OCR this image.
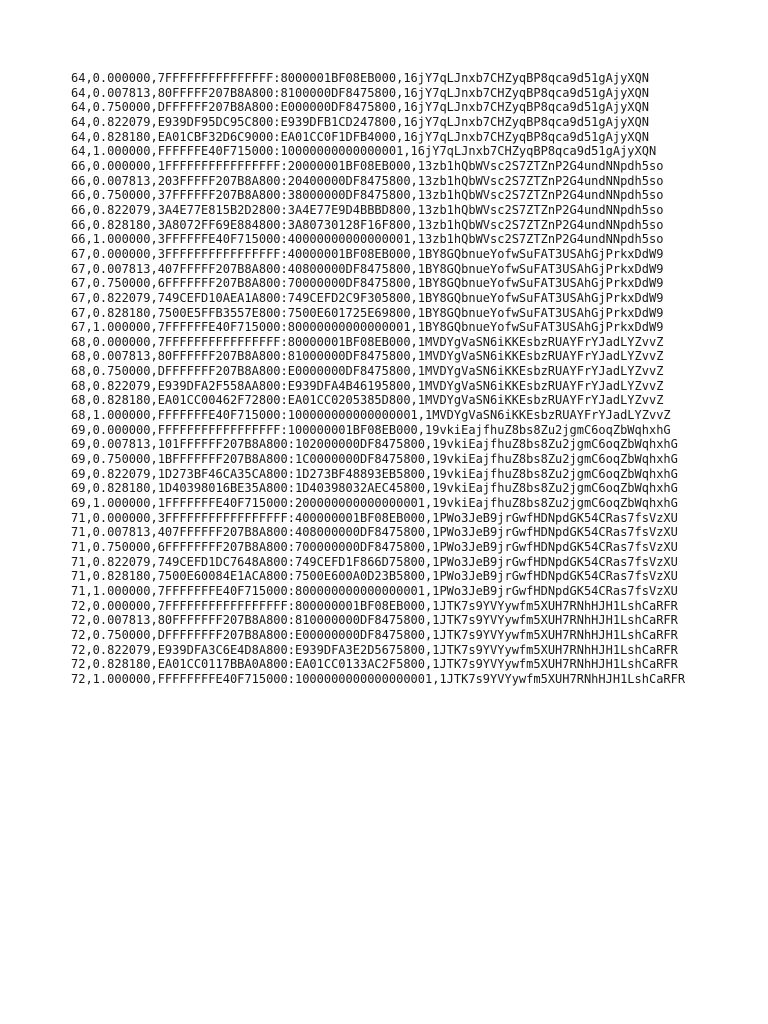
64,0.000000,7FFFFFFFFFFFFFFF:8000001BF08EB000,16jY7qLJnxb7CHZyqBP8qca9d51gAjyXQN
64,0.007813,80FFFFF207B8A800:8100000DF8475800,16jY7qLJnxb7CHZyqBP8qca9d51gAjyXQN
64,0.750000,DFFFFFF207B8A800:E000000DF8475800,16jY7qLJnxb7CHZyqBP8qca9d51gAjyXQN
64,0.822079,E939DF95DC95C800:E939DFB1CD247800,16jY7qLJnxb7CHZyqBP8qca9d51gAjyXQN
64,0.828180,EA01CBF32D6C9000:EA01CC0F1DFB4000,16jY7qLJnxb7CHZyqBP8qca9d51gAjyXQN
64,1.000000,FFFFFFE40F715000:10000000000000001,16jY7qLJnxb7CHZyqBP8qca9d51gAjyXQN
66,0.000000,1FFFFFFFFFFFFFFFF:20000001BF08EB000,13zb1hQbWVsc2S7ZTZnP2G4undNNpdh5so
66,0.007813,203FFFFF207B8A800:20400000DF8475800,13zb1hQbWVsc2S7ZTZnP2G4undNNpdh5so
66,0.750000,37FFFFFF207B8A800:38000000DF8475800,13zb1hQbWVsc2S7ZTZnP2G4undNNpdh5so
66,0.822079,3A4E77E815B2D2800:3A4E77E9D4BBBD800,13zb1hQbWVsc2S7ZTZnP2G4undNNpdh5so
66,0.828180,3A8072FF69E884800:3A80730128F16F800,13zb1hQbWVsc2S7ZTZnP2G4undNNpdh5so
66,1.000000,3FFFFFFE40F715000:40000000000000001,13zb1hQbWVsc2S7ZTZnP2G4undNNpdh5so
67,0.000000,3FFFFFFFFFFFFFFFF:40000001BF08EB000,1BY8GQbnueYofwSuFAT3USAhGjPrkxDdW9
67,0.007813,407FFFFF207B8A800:40800000DF8475800,1BY8GQbnueYofwSuFAT3USAhGjPrkxDdW9
67,0.750000,6FFFFFFF207B8A800:70000000DF8475800,1BY8GQbnueYofwSuFAT3USAhGjPrkxDdW9
67,0.822079,749CEFD10AEA1A800:749CEFD2C9F305800,1BY8GQbnueYofwSuFAT3USAhGjPrkxDdW9
67,0.828180,7500E5FFB3557E800:7500E601725E69800,1BY8GQbnueYofwSuFAT3USAhGjPrkxDdW9
67,1.000000,7FFFFFFE40F715000:80000000000000001,1BY8GQbnueYofwSuFAT3USAhGjPrkxDdW9
68,0.000000,7FFFFFFFFFFFFFFFF:80000001BF08EB000,1MVDYgVaSN6iKKEsbzRUAYFrYJadLYZvvZ
68,0.007813,80FFFFFF207B8A800:81000000DF8475800,1MVDYgVaSN6iKKEsbzRUAYFrYJadLYZvvZ
68,0.750000,DFFFFFFF207B8A800:E0000000DF8475800,1MVDYgVaSN6iKKEsbzRUAYFrYJadLYZvvZ
68,0.822079,E939DFA2F558AA800:E939DFA4B46195800,1MVDYgVaSN6iKKEsbzRUAYFrYJadLYZvvZ
68,0.828180,EA01CC00462F72800:EA01CC0205385D800,1MVDYgVaSN6iKKEsbzRUAYFrYJadLYZvvZ
68,1.000000,FFFFFFFE40F715000:100000000000000001,1MVDYgVaSN6iKKEsbzRUAYFrYJadLYZvvZ
69,0.000000,FFFFFFFFFFFFFFFFF:100000001BF08EB000,19vkiEajfhuZ8bs8Zu2jgmC6oqZbWqhxhG
69,0.007813,101FFFFFF207B8A800:102000000DF8475800,19vkiEajfhuZ8bs8Zu2jgmC6oqZbWqhxhG
69,0.750000,1BFFFFFFF207B8A800:1C0000000DF8475800,19vkiEajfhuZ8bs8Zu2jgmC6oqZbWqhxhG
69,0.822079,1D273BF46CA35CA800:1D273BF48893EB5800,19vkiEajfhuZ8bs8Zu2jgmC6oqZbWqhxhG
69,0.828180,1D40398016BE35A800:1D40398032AEC45800,19vkiEajfhuZ8bs8Zu2jgmC6oqZbWqhxhG
69,1.000000,1FFFFFFFE40F715000:200000000000000001,19vkiEajfhuZ8bs8Zu2jgmC6oqZbWqhxhG
71,0.000000,3FFFFFFFFFFFFFFFFF:400000001BF08EB000,1PWo3JeB9jrGwfHDNpdGK54CRas7fsVzXU
71,0.007813,407FFFFFF207B8A800:408000000DF8475800,1PWo3JeB9jrGwfHDNpdGK54CRas7fsVzXU
71,0.750000,6FFFFFFFF207B8A800:700000000DF8475800,1PWo3JeB9jrGwfHDNpdGK54CRas7fsVzXU
71,0.822079,749CEFD1DC7648A800:749CEFD1F866D75800,1PWo3JeB9jrGwfHDNpdGK54CRas7fsVzXU
71,0.828180,7500E60084E1ACA800:7500E600A0D23B5800,1PWo3JeB9jrGwfHDNpdGK54CRas7fsVzXU
71,1.000000,7FFFFFFFE40F715000:800000000000000001,1PWo3JeB9jrGwfHDNpdGK54CRas7fsVzXU
72,0.000000,7FFFFFFFFFFFFFFFFF:800000001BF08EB000,1JTK7s9YVYywfm5XUH7RNhHJH1LshCaRFR
72,0.007813,80FFFFFFF207B8A800:810000000DF8475800,1JTK7s9YVYywfm5XUH7RNhHJH1LshCaRFR
72,0.750000,DFFFFFFFF207B8A800:E00000000DF8475800,1JTK7s9YVYywfm5XUH7RNhHJH1LshCaRFR
72,0.822079,E939DFA3C6E4D8A800:E939DFA3E2D5675800,1JTK7s9YVYywfm5XUH7RNhHJH1LshCaRFR
72,0.828180,EA01CC0117BBA0A800:EA01CC0133AC2F5800,1JTK7s9YVYywfm5XUH7RNhHJH1LshCaRFR
72,1.000000,FFFFFFFFE40F715000:1000000000000000001,1JTK7s9YVYywfm5XUH7RNhHJH1LshCaRFR
